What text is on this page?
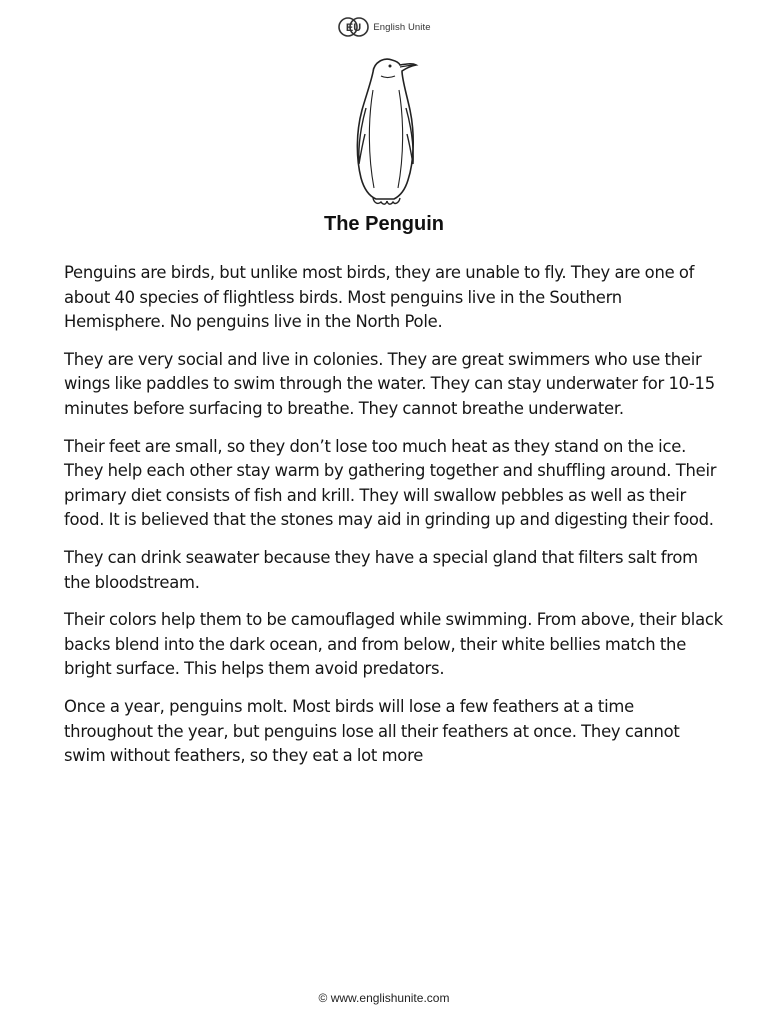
EU English Unite
The Penguin

Penguins are birds, but unlike most birds, they are unable to fly. They are one of about 40 species of flightless birds. Most penguins live in the Southern Hemisphere. No penguins live in the North Pole.

They are very social and live in colonies. They are great swimmers who use their wings like paddles to swim through the water. They can stay underwater for 10-15 minutes before surfacing to breathe. They cannot breathe underwater.

Their feet are small, so they don’t lose too much heat as they stand on the ice. They help each other stay warm by gathering together and shuffling around. Their primary diet consists of fish and krill. They will swallow pebbles as well as their food. It is believed that the stones may aid in grinding up and digesting their food.

They can drink seawater because they have a special gland that filters salt from the bloodstream.

Their colors help them to be camouflaged while swimming. From above, their black backs blend into the dark ocean, and from below, their white bellies match the bright surface. This helps them avoid predators.

Once a year, penguins molt. Most birds will lose a few feathers at a time throughout the year, but penguins lose all their feathers at once. They cannot swim without feathers, so they eat a lot more

© www.englishunite.com
